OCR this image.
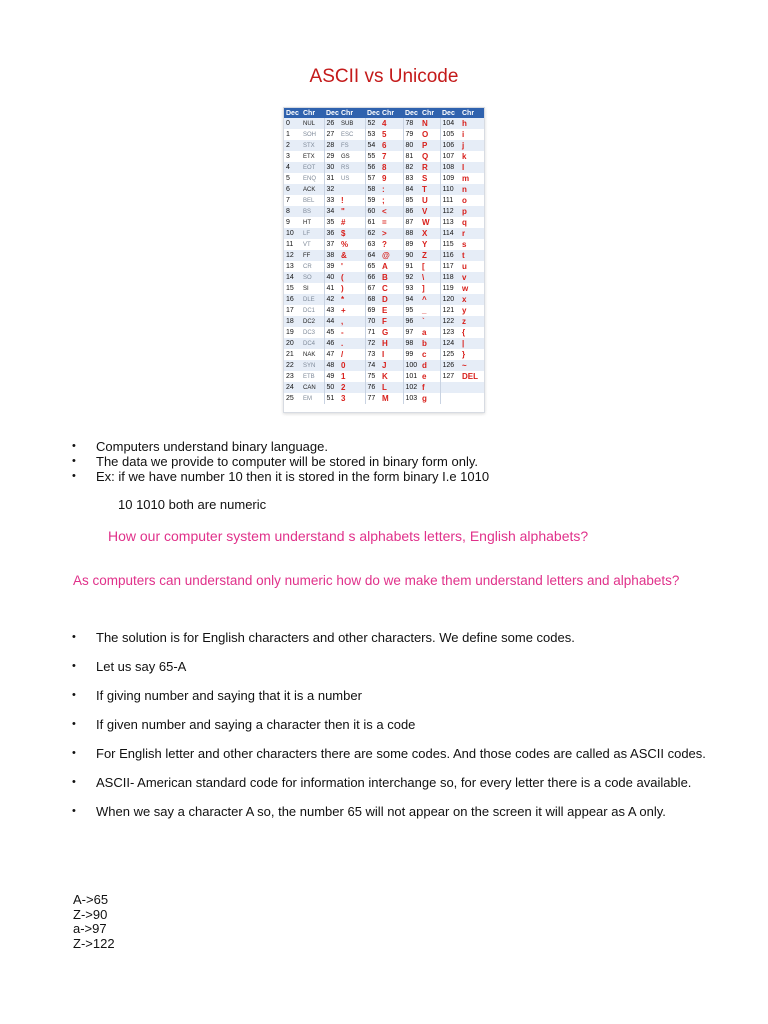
ASCII vs Unicode
Dec	Chr	Dec	Chr	Dec	Chr	Dec	Chr	Dec	Chr
0	NUL	26	SUB	52	4	78	N	104	h
1	SOH	27	ESC	53	5	79	O	105	i
2	STX	28	FS	54	6	80	P	106	j
3	ETX	29	GS	55	7	81	Q	107	k
4	EOT	30	RS	56	8	82	R	108	l
5	ENQ	31	US	57	9	83	S	109	m
6	ACK	32		58	:	84	T	110	n
7	BEL	33	!	59	;	85	U	111	o
8	BS	34	"	60	<	86	V	112	p
9	HT	35	#	61	=	87	W	113	q
10	LF	36	$	62	>	88	X	114	r
11	VT	37	%	63	?	89	Y	115	s
12	FF	38	&	64	@	90	Z	116	t
13	CR	39	'	65	A	91	[	117	u
14	SO	40	(	66	B	92	\	118	v
15	SI	41	)	67	C	93	]	119	w
16	DLE	42	*	68	D	94	^	120	x
17	DC1	43	+	69	E	95	_	121	y
18	DC2	44	,	70	F	96	`	122	z
19	DC3	45	-	71	G	97	a	123	{
20	DC4	46	.	72	H	98	b	124	|
21	NAK	47	/	73	I	99	c	125	}
22	SYN	48	0	74	J	100	d	126	~
23	ETB	49	1	75	K	101	e	127	DEL
24	CAN	50	2	76	L	102	f		
25	EM	51	3	77	M	103	g		
• Computers understand binary language.
• The data we provide to computer will be stored in binary form only.
• Ex: if we have number 10 then it is stored in the form binary I.e 1010
10 1010 both are numeric
How our computer system understand s alphabets letters, English alphabets?
As computers can understand only numeric how do we make them understand letters and alphabets?
• The solution is for English characters and other characters. We define some codes.
• Let us say 65-A
• If giving number and saying that it is a number
• If given number and saying a character then it is a code
• For English letter and other characters there are some codes. And those codes are called as ASCII codes.
• ASCII- American standard code for information interchange so, for every letter there is a code available.
• When we say a character A so, the number 65 will not appear on the screen it will appear as A only.
A->65
Z->90
a->97
Z->122
